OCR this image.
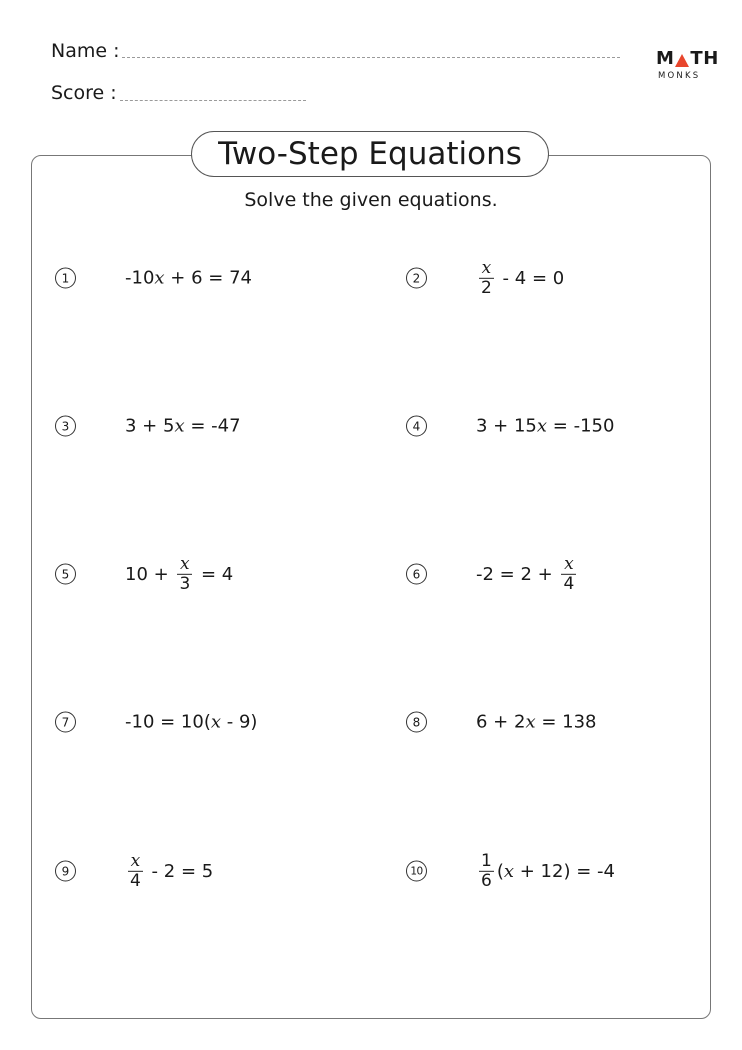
Name :
Score :
M TH
MONKS
Two-Step Equations
Solve the given equations.
1	-10 x + 6 = 74	2	$\frac{x}{2} - 4 = 0$
3	3 + 5 x = -47	4	3 + 15 x = -150
5	$10 + \frac{x}{3} = 4$	6	$-2 = 2 + \frac{x}{4}$
7	-10 = 10( x - 9)	8	6 + 2 x = 138
9	$\frac{x}{4} - 2 = 5$	10	$\frac{1}{6}$ ( x + 12) = -4
